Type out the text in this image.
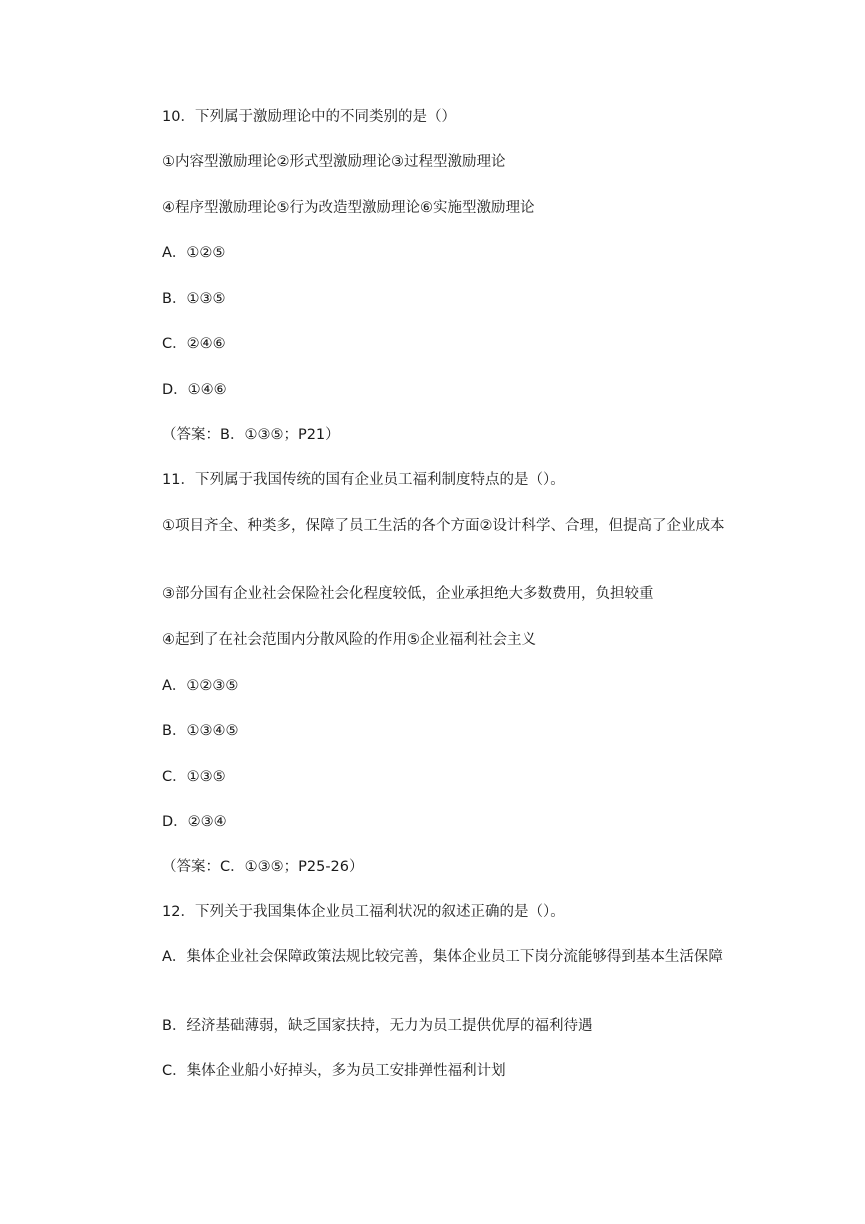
10．下列属于激励理论中的不同类别的是（）
①内容型激励理论②形式型激励理论③过程型激励理论
④程序型激励理论⑤行为改造型激励理论⑥实施型激励理论
A．①②⑤
B．①③⑤
C．②④⑥
D．①④⑥
（答案：B．①③⑤；P21）
11．下列属于我国传统的国有企业员工福利制度特点的是（）。
①项目齐全、种类多，保障了员工生活的各个方面②设计科学、合理，但提高了企业成本
③部分国有企业社会保险社会化程度较低，企业承担绝大多数费用，负担较重
④起到了在社会范围内分散风险的作用⑤企业福利社会主义
A．①②③⑤
B．①③④⑤
C．①③⑤
D．②③④
（答案：C．①③⑤；P25‐26）
12．下列关于我国集体企业员工福利状况的叙述正确的是（）。
A．集体企业社会保障政策法规比较完善，集体企业员工下岗分流能够得到基本生活保障
B．经济基础薄弱，缺乏国家扶持，无力为员工提供优厚的福利待遇
C．集体企业船小好掉头，多为员工安排弹性福利计划
